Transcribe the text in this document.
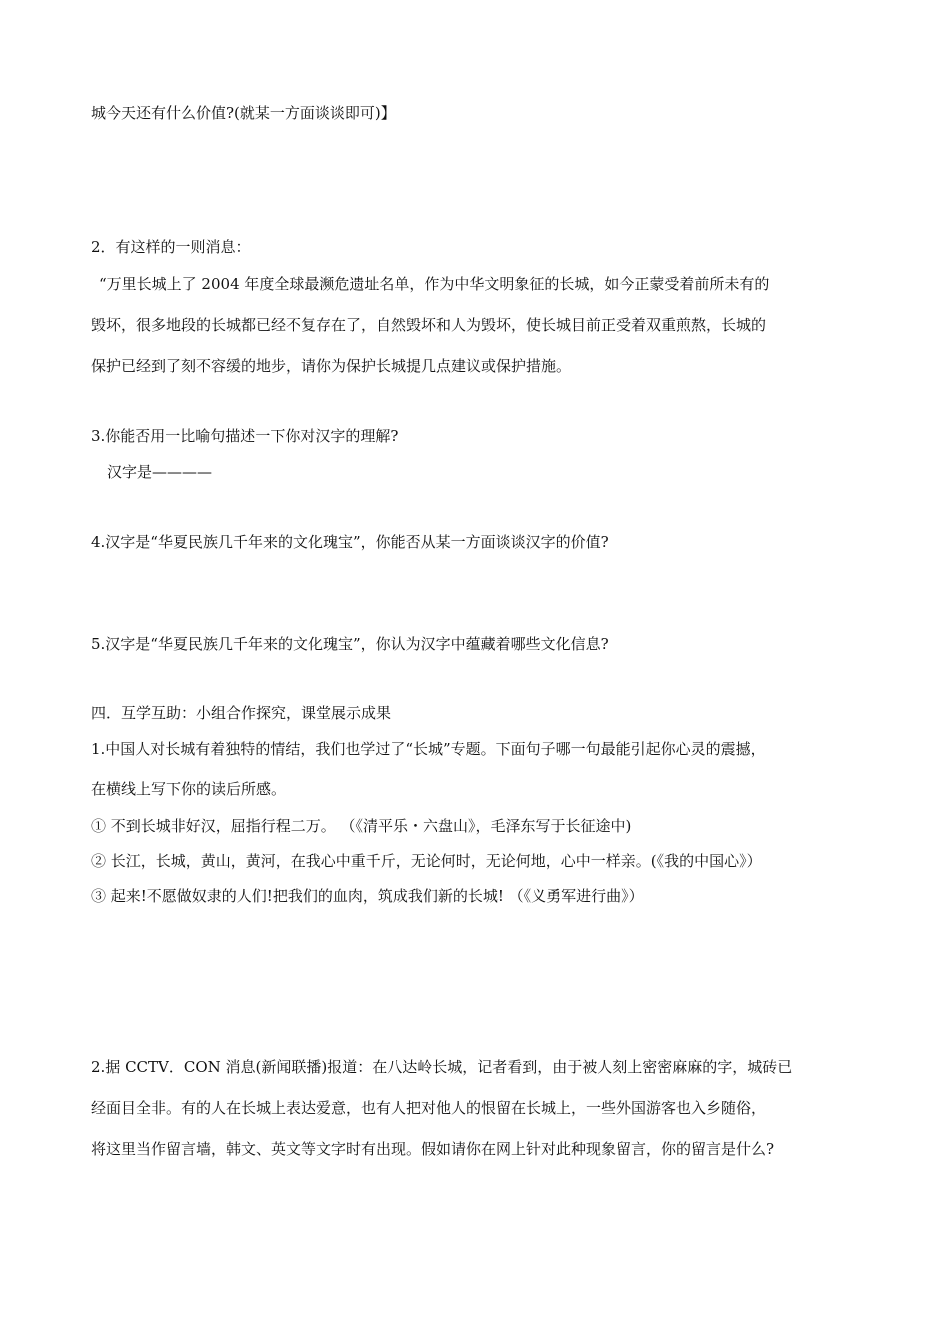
城今天还有什么价值?(就某一方面谈谈即可)】
2．有这样的一则消息：
“万里长城上了 2004 年度全球最濒危遗址名单，作为中华文明象征的长城，如今正蒙受着前所未有的
毁坏，很多地段的长城都已经不复存在了，自然毁坏和人为毁坏，使长城目前正受着双重煎熬，长城的
保护已经到了刻不容缓的地步，请你为保护长城提几点建议或保护措施。
3.你能否用一比喻句描述一下你对汉字的理解?
汉字是————
4.汉字是“华夏民族几千年来的文化瑰宝”，你能否从某一方面谈谈汉字的价值?
5.汉字是“华夏民族几千年来的文化瑰宝”，你认为汉字中蕴藏着哪些文化信息?
四．互学互助：小组合作探究，课堂展示成果
1.中国人对长城有着独特的情结，我们也学过了“长城”专题。下面句子哪一句最能引起你心灵的震撼，
在横线上写下你的读后所感。
① 不到长城非好汉，屈指行程二万。 （《清平乐・六盘山》，毛泽东写于长征途中)
② 长江，长城，黄山，黄河，在我心中重千斤，无论何时，无论何地，心中一样亲。(《我的中国心》）
③ 起来!不愿做奴隶的人们!把我们的血肉，筑成我们新的长城! （《义勇军进行曲》）
2.据 CCTV．CON 消息(新闻联播)报道：在八达岭长城，记者看到，由于被人刻上密密麻麻的字，城砖已
经面目全非。有的人在长城上表达爱意，也有人把对他人的恨留在长城上，一些外国游客也入乡随俗，
将这里当作留言墙，韩文、英文等文字时有出现。假如请你在网上针对此种现象留言，你的留言是什么?
